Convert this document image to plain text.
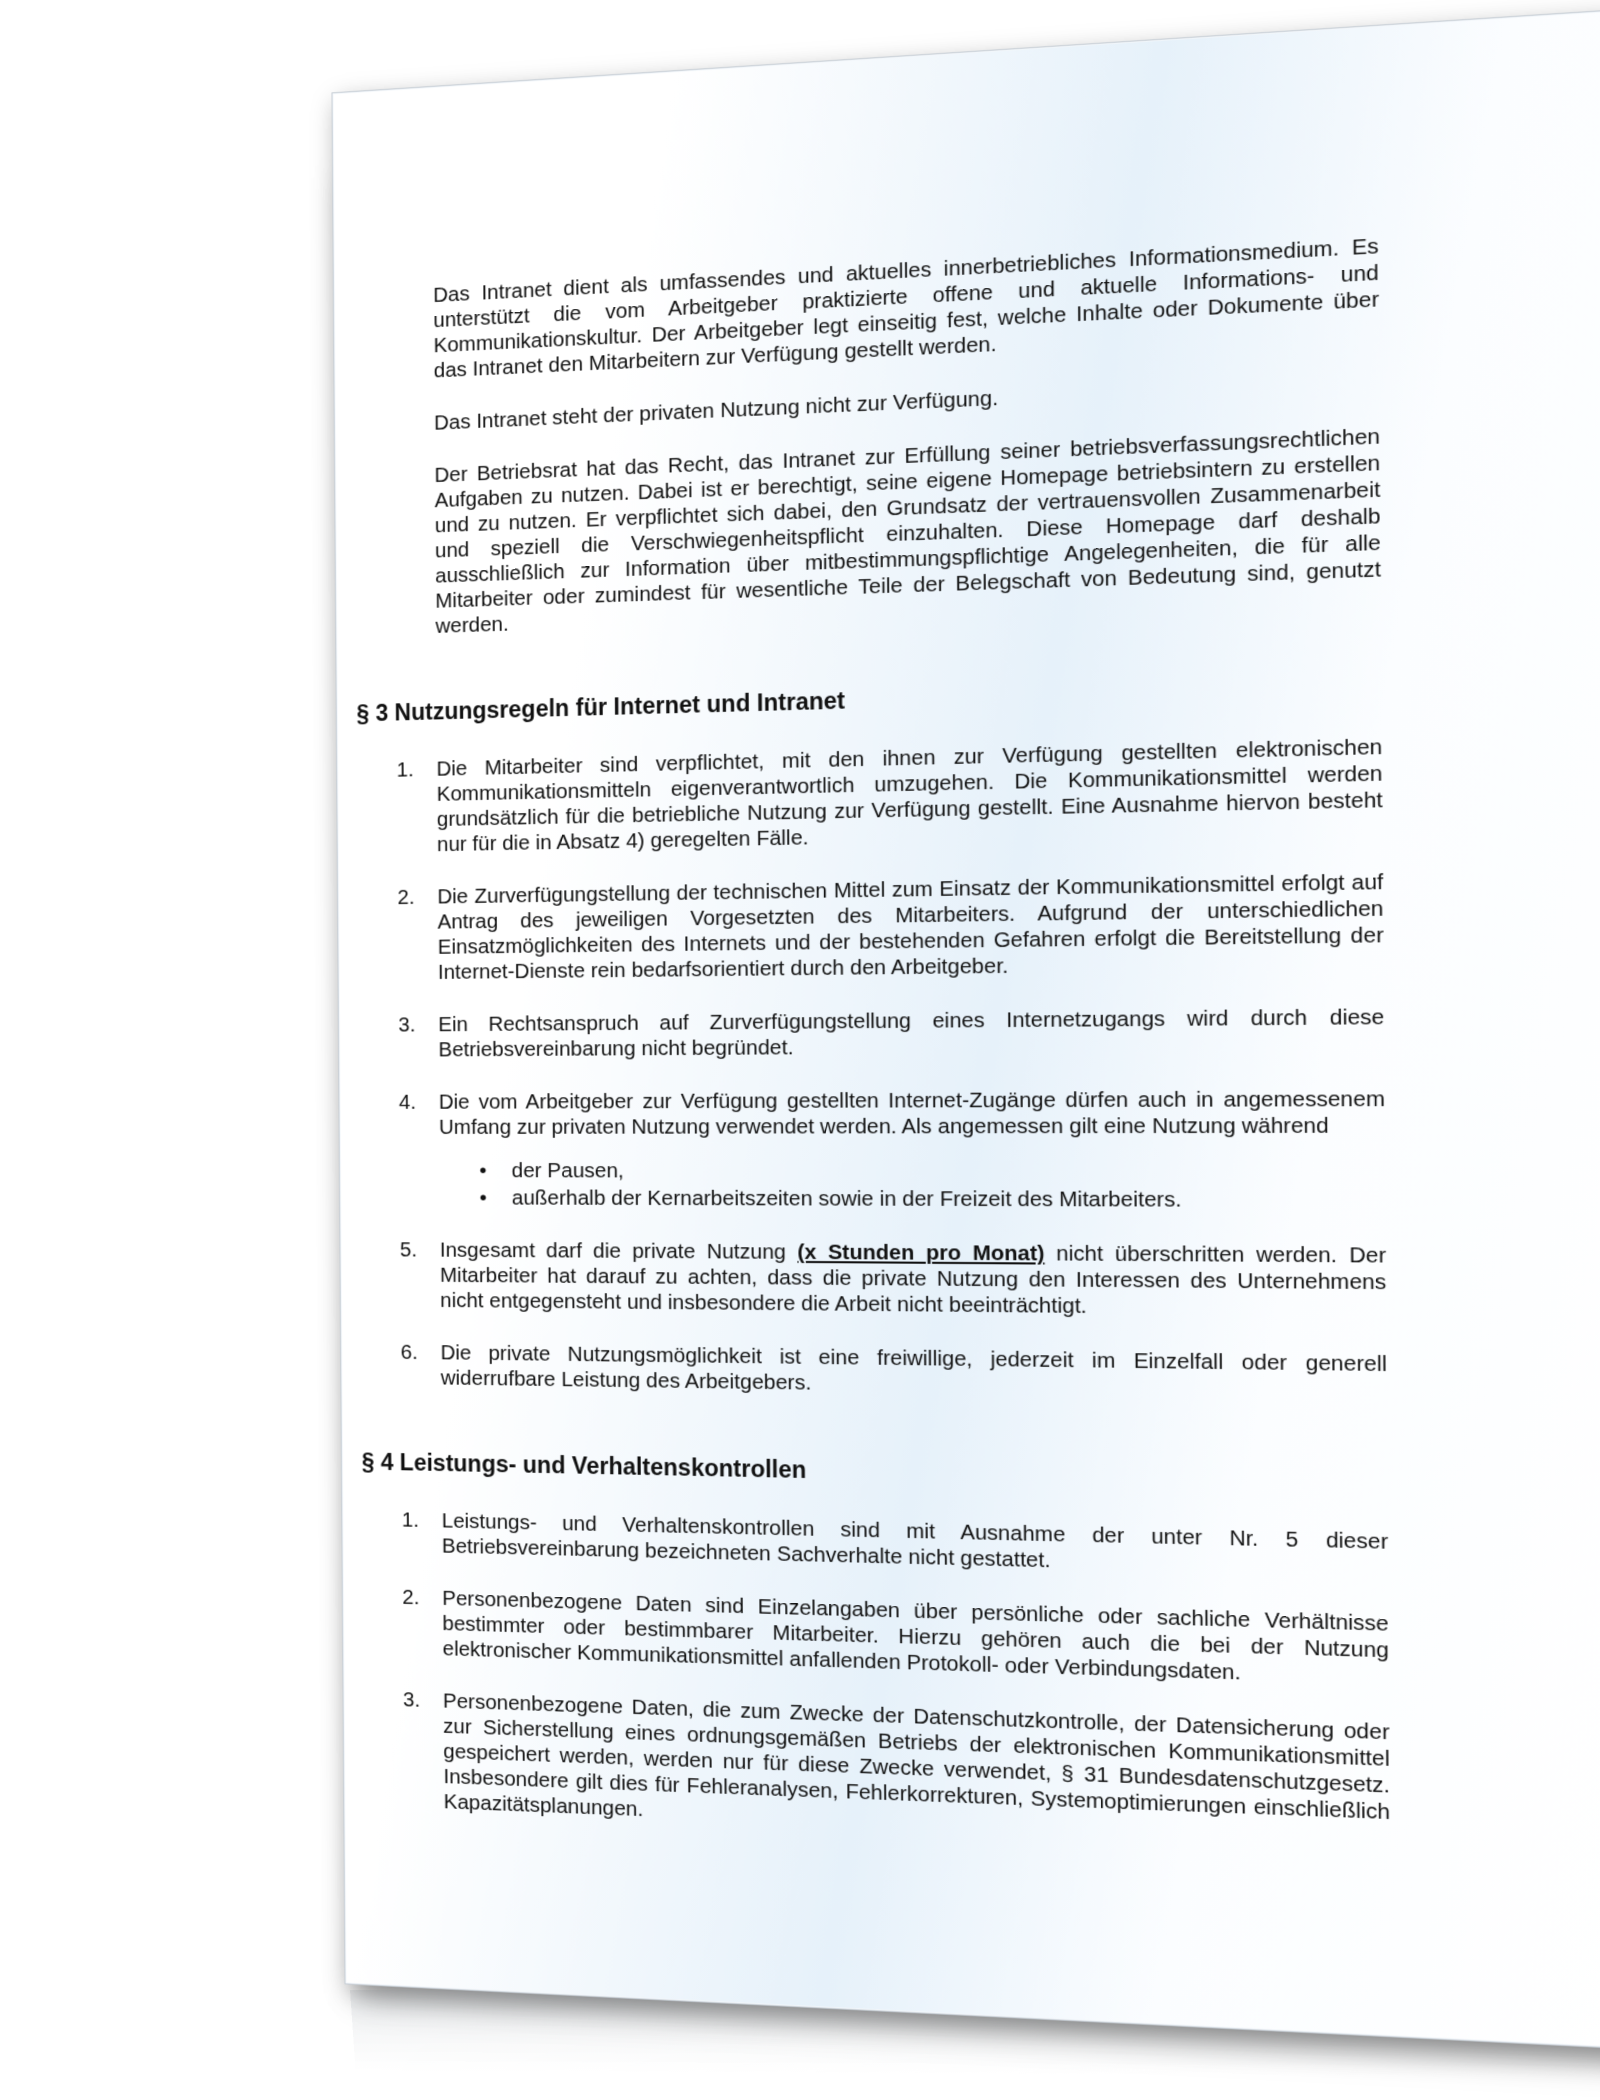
Das Intranet dient als umfassendes und aktuelles innerbetriebliches Informationsmedium. Es unterstützt die vom Arbeitgeber praktizierte offene und aktuelle Informations- und Kommunikationskultur. Der Arbeitgeber legt einseitig fest, welche Inhalte oder Dokumente über das Intranet den Mitarbeitern zur Verfügung gestellt werden.

Das Intranet steht der privaten Nutzung nicht zur Verfügung.

Der Betriebsrat hat das Recht, das Intranet zur Erfüllung seiner betriebsverfassungsrechtlichen Aufgaben zu nutzen. Dabei ist er berechtigt, seine eigene Homepage betriebsintern zu erstellen und zu nutzen. Er verpflichtet sich dabei, den Grundsatz der vertrauensvollen Zusammenarbeit und speziell die Verschwiegenheitspflicht einzuhalten. Diese Homepage darf deshalb ausschließlich zur Information über mitbestimmungspflichtige Angelegenheiten, die für alle Mitarbeiter oder zumindest für wesentliche Teile der Belegschaft von Bedeutung sind, genutzt werden.

§ 3 Nutzungsregeln für Internet und Intranet
1. Die Mitarbeiter sind verpflichtet, mit den ihnen zur Verfügung gestellten elektronischen Kommunikationsmitteln eigenverantwortlich umzugehen. Die Kommunikationsmittel werden grundsätzlich für die betriebliche Nutzung zur Verfügung gestellt. Eine Ausnahme hiervon besteht nur für die in Absatz 4) geregelten Fälle.
2. Die Zurverfügungstellung der technischen Mittel zum Einsatz der Kommunikationsmittel erfolgt auf Antrag des jeweiligen Vorgesetzten des Mitarbeiters. Aufgrund der unterschiedlichen Einsatzmöglichkeiten des Internets und der bestehenden Gefahren erfolgt die Bereitstellung der Internet-Dienste rein bedarfsorientiert durch den Arbeitgeber.
3. Ein Rechtsanspruch auf Zurverfügungstellung eines Internetzugangs wird durch diese Betriebsvereinbarung nicht begründet.
4. Die vom Arbeitgeber zur Verfügung gestellten Internet-Zugänge dürfen auch in angemessenem Umfang zur privaten Nutzung verwendet werden. Als angemessen gilt eine Nutzung während
• der Pausen,
• außerhalb der Kernarbeitszeiten sowie in der Freizeit des Mitarbeiters.
5. Insgesamt darf die private Nutzung (x Stunden pro Monat) nicht überschritten werden. Der Mitarbeiter hat darauf zu achten, dass die private Nutzung den Interessen des Unternehmens nicht entgegensteht und insbesondere die Arbeit nicht beeinträchtigt.
6. Die private Nutzungsmöglichkeit ist eine freiwillige, jederzeit im Einzelfall oder generell widerrufbare Leistung des Arbeitgebers.
§ 4 Leistungs- und Verhaltenskontrollen
1. Leistungs- und Verhaltenskontrollen sind mit Ausnahme der unter Nr. 5 dieser Betriebsvereinbarung bezeichneten Sachverhalte nicht gestattet.
2. Personenbezogene Daten sind Einzelangaben über persönliche oder sachliche Verhältnisse bestimmter oder bestimmbarer Mitarbeiter. Hierzu gehören auch die bei der Nutzung elektronischer Kommunikationsmittel anfallenden Protokoll- oder Verbindungsdaten.
3. Personenbezogene Daten, die zum Zwecke der Datenschutzkontrolle, der Datensicherung oder zur Sicherstellung eines ordnungsgemäßen Betriebs der elektronischen Kommunikationsmittel gespeichert werden, werden nur für diese Zwecke verwendet, § 31 Bundesdatenschutzgesetz. Insbesondere gilt dies für Fehleranalysen, Fehlerkorrekturen, Systemoptimierungen einschließlich Kapazitätsplanungen.
